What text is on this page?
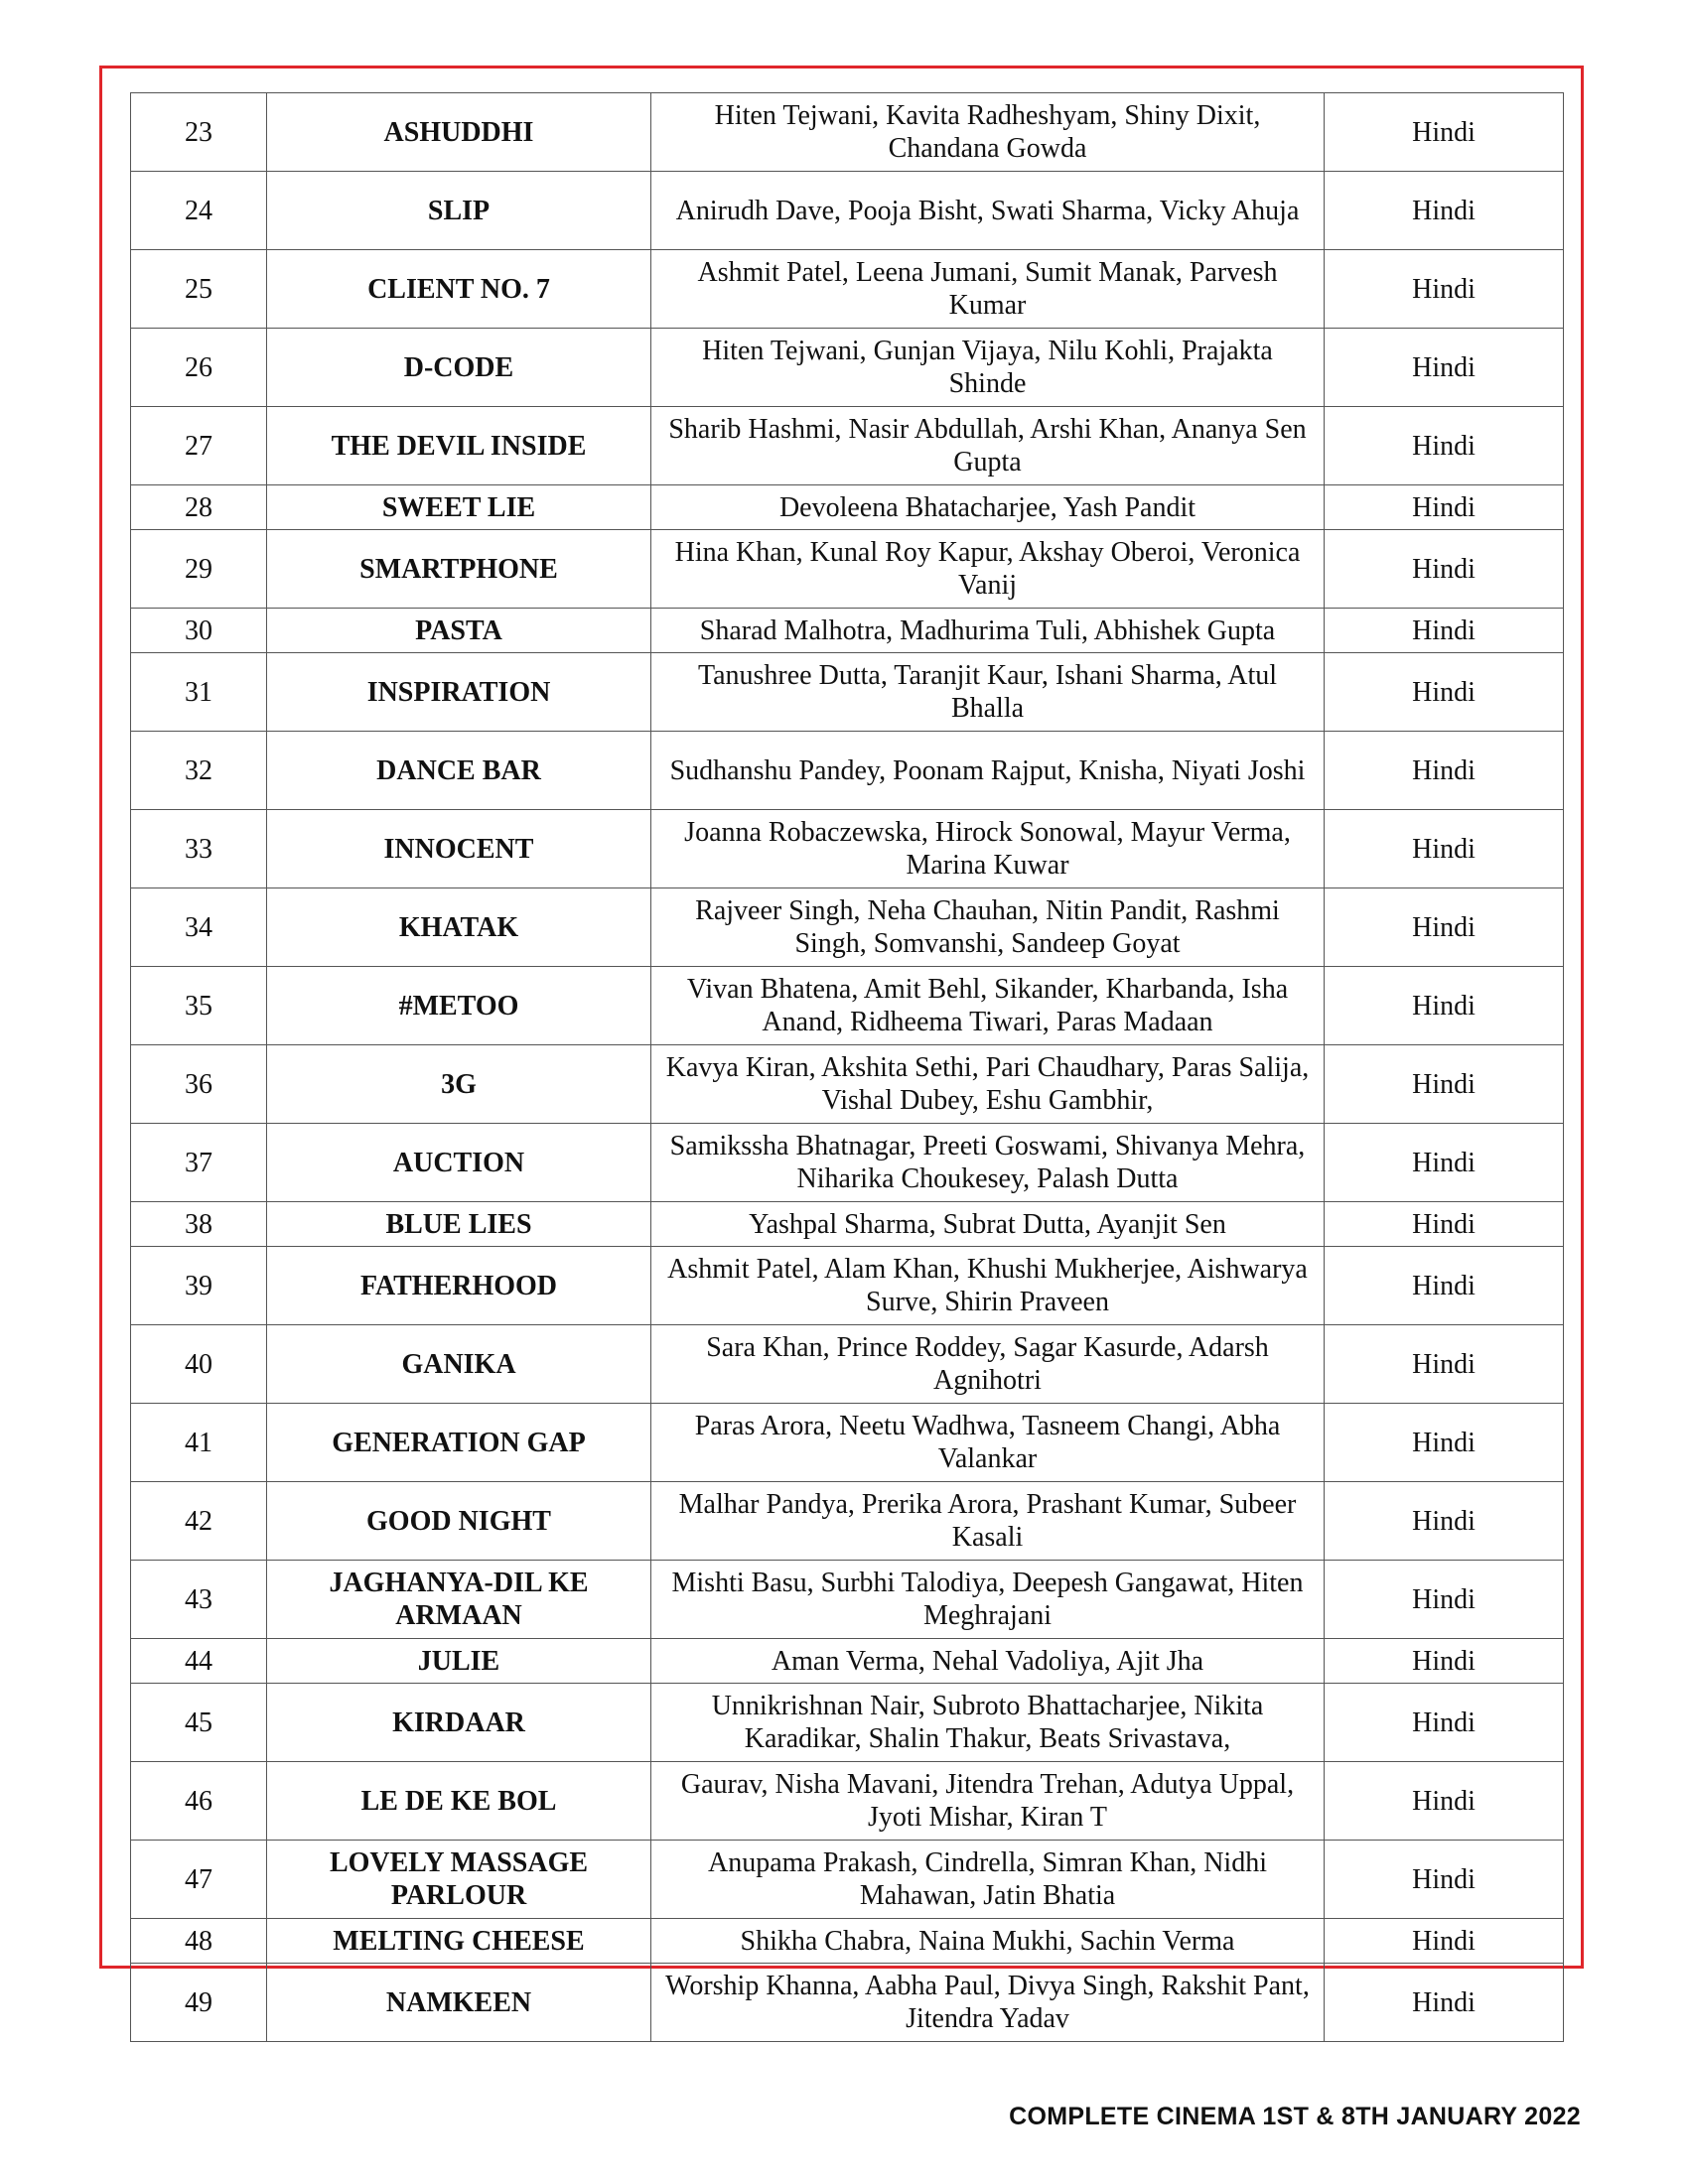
23	ASHUDDHI	Hiten Tejwani, Kavita Radheshyam, Shiny Dixit, Chandana Gowda	Hindi
24	SLIP	Anirudh Dave, Pooja Bisht, Swati Sharma, Vicky Ahuja	Hindi
25	CLIENT NO. 7	Ashmit Patel, Leena Jumani, Sumit Manak, Parvesh Kumar	Hindi
26	D-CODE	Hiten Tejwani, Gunjan Vijaya, Nilu Kohli, Prajakta Shinde	Hindi
27	THE DEVIL INSIDE	Sharib Hashmi, Nasir Abdullah, Arshi Khan, Ananya Sen Gupta	Hindi
28	SWEET LIE	Devoleena Bhatacharjee, Yash Pandit	Hindi
29	SMARTPHONE	Hina Khan, Kunal Roy Kapur, Akshay Oberoi, Veronica Vanij	Hindi
30	PASTA	Sharad Malhotra, Madhurima Tuli, Abhishek Gupta	Hindi
31	INSPIRATION	Tanushree Dutta, Taranjit Kaur, Ishani Sharma, Atul Bhalla	Hindi
32	DANCE BAR	Sudhanshu Pandey, Poonam Rajput, Knisha, Niyati Joshi	Hindi
33	INNOCENT	Joanna Robaczewska, Hirock Sonowal, Mayur Verma, Marina Kuwar	Hindi
34	KHATAK	Rajveer Singh, Neha Chauhan, Nitin Pandit, Rashmi Singh, Somvanshi, Sandeep Goyat	Hindi
35	#METOO	Vivan Bhatena, Amit Behl, Sikander, Kharbanda, Isha Anand, Ridheema Tiwari, Paras Madaan	Hindi
36	3G	Kavya Kiran, Akshita Sethi, Pari Chaudhary, Paras Salija, Vishal Dubey, Eshu Gambhir,	Hindi
37	AUCTION	Samikssha Bhatnagar, Preeti Goswami, Shivanya Mehra, Niharika Choukesey, Palash Dutta	Hindi
38	BLUE LIES	Yashpal Sharma, Subrat Dutta, Ayanjit Sen	Hindi
39	FATHERHOOD	Ashmit Patel, Alam Khan, Khushi Mukherjee, Aishwarya Surve, Shirin Praveen	Hindi
40	GANIKA	Sara Khan, Prince Roddey, Sagar Kasurde, Adarsh Agnihotri	Hindi
41	GENERATION GAP	Paras Arora, Neetu Wadhwa, Tasneem Changi, Abha Valankar	Hindi
42	GOOD NIGHT	Malhar Pandya, Prerika Arora, Prashant Kumar, Subeer Kasali	Hindi
43	JAGHANYA-DIL KE ARMAAN	Mishti Basu, Surbhi Talodiya, Deepesh Gangawat, Hiten Meghrajani	Hindi
44	JULIE	Aman Verma, Nehal Vadoliya, Ajit Jha	Hindi
45	KIRDAAR	Unnikrishnan Nair, Subroto Bhattacharjee, Nikita Karadikar, Shalin Thakur, Beats Srivastava,	Hindi
46	LE DE KE BOL	Gaurav, Nisha Mavani, Jitendra Trehan, Adutya Uppal, Jyoti Mishar, Kiran T	Hindi
47	LOVELY MASSAGE PARLOUR	Anupama Prakash, Cindrella, Simran Khan, Nidhi Mahawan, Jatin Bhatia	Hindi
48	MELTING CHEESE	Shikha Chabra, Naina Mukhi, Sachin Verma	Hindi
49	NAMKEEN	Worship Khanna, Aabha Paul, Divya Singh, Rakshit Pant, Jitendra Yadav	Hindi
COMPLETE CINEMA 1ST & 8TH JANUARY 2022
